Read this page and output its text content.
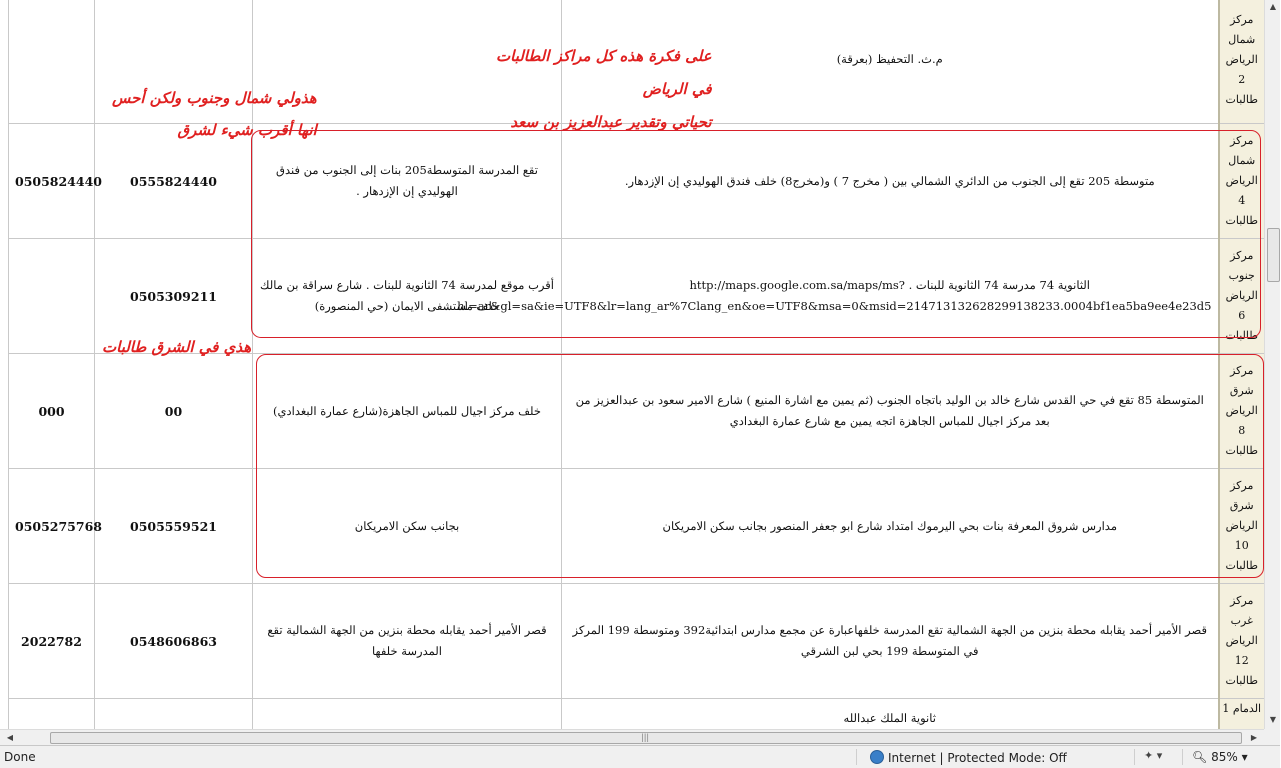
			م.ث. التحفيظ (بعرقة)	مركز
شمال
الرياض
2
طالبات

0505824440	0555824440	تقع المدرسة المتوسطة205 بنات إلى الجنوب من فندق الهوليدي إن الإزدهار .	متوسطة 205 تقع إلى الجنوب من الدائري الشمالي بين ( مخرج 7 ) و(مخرج8) خلف فندق الهوليدي إن الإزدهار.	مركز
شمال
الرياض
4
طالبات

	0505309211	أقرب موقع لمدرسة 74 الثانوية للبنات . شارع سراقة بن مالك خلف مستشفى الايمان (حي المنصورة)	الثانوية 74 مدرسة 74 الثانوية للبنات . http://maps.google.com.sa/maps/ms?hl=ar&gl=sa&ie=UTF8&lr=lang_ar%7Clang_en&oe=UTF8&msa=0&msid=214713132628299138233.0004bf1ea5ba9ee4e23d5	مركز
جنوب
الرياض
6
طالبات

000	00	خلف مركز اجيال للمباس الجاهزة(شارع عمارة البغدادي)	المتوسطة 85 تقع في حي القدس شارع خالد بن الوليد باتجاه الجنوب (ثم يمين مع اشارة المنيع ) شارع الامير سعود بن عبدالعزيز من بعد مركز اجيال للمباس الجاهزة اتجه يمين مع شارع عمارة البغدادي	مركز
شرق
الرياض
8
طالبات

0505275768	0505559521	بجانب سكن الامريكان	مدارس شروق المعرفة بنات بحي اليرموك امتداد شارع ابو جعفر المنصور بجانب سكن الامريكان	مركز
شرق
الرياض
10
طالبات

2022782	0548606863	قصر الأمير أحمد يقابله محطة بنزين من الجهة الشمالية تقع المدرسة خلفها	قصر الأمير أحمد يقابله محطة بنزين من الجهة الشمالية تقع المدرسة خلفهاعبارة عن مجمع مدارس ابتدائية392 ومتوسطة 199 المركز في المتوسطة 199 بحي لبن الشرقي	مركز
غرب
الرياض
12
طالبات

			ثانوية الملك عبدالله	الدمام 1
على فكرة هذه كل مراكز الطالبات
في الرياض
تحياتي وتقدير عبدالعزيز بن سعد
هذولي شمال وجنوب ولكن أحس
انها أقرب شيء لشرق
هذي في الشرق طالبات
▲
▼
◀	|||	▶
Done	Internet | Protected Mode: Off	✦ ▾ 🔍︎ 85% ▾
